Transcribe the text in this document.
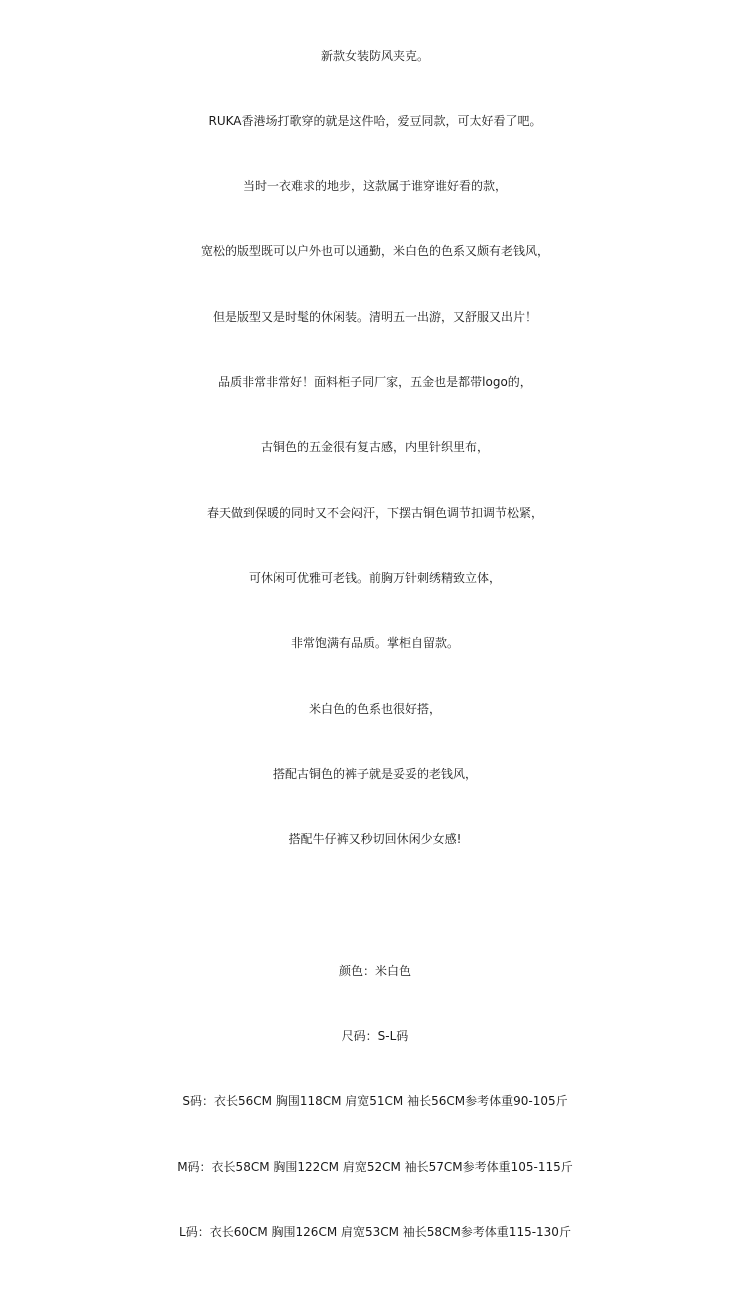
新款女装防风夹克。
RUKA香港场打歌穿的就是这件哈，爱豆同款，可太好看了吧。
当时一衣难求的地步，这款属于谁穿谁好看的款，
宽松的版型既可以户外也可以通勤，米白色的色系又颇有老钱风，
但是版型又是时髦的休闲装。清明五一出游，又舒服又出片！
品质非常非常好！面料柜子同厂家，五金也是都带logo的，
古铜色的五金很有复古感，内里针织里布，
春天做到保暖的同时又不会闷汗，下摆古铜色调节扣调节松紧，
可休闲可优雅可老钱。前胸万针刺绣精致立体，
非常饱满有品质。掌柜自留款。
米白色的色系也很好搭，
搭配古铜色的裤子就是妥妥的老钱风，
搭配牛仔裤又秒切回休闲少女感!
颜色：米白色
尺码：S-L码
S码：衣长56CM 胸围118CM 肩宽51CM 袖长56CM参考体重90-105斤
M码：衣长58CM 胸围122CM 肩宽52CM 袖长57CM参考体重105-115斤
L码：衣长60CM 胸围126CM 肩宽53CM 袖长58CM参考体重115-130斤
